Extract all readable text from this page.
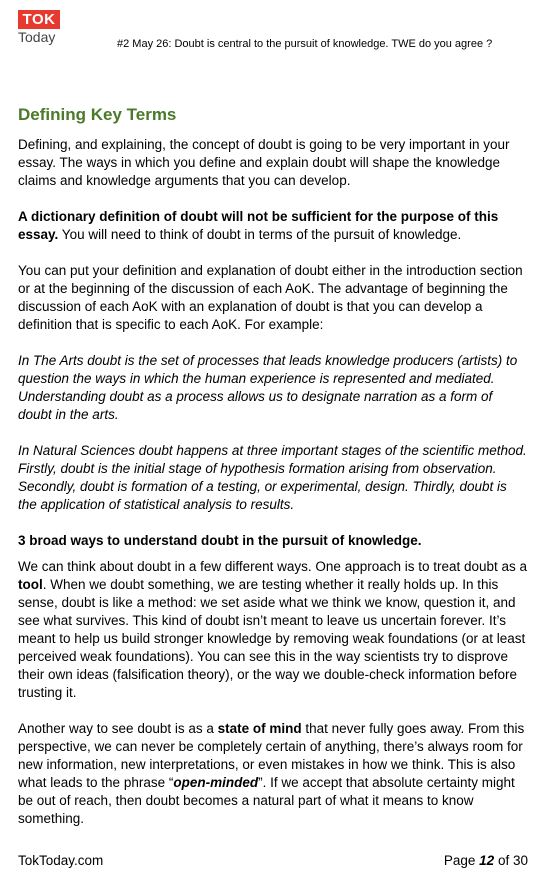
TOK
Today	#2 May 26: Doubt is central to the pursuit of knowledge. TWE do you agree ?
Defining Key Terms

Defining, and explaining, the concept of doubt is going to be very important in your essay. The ways in which you define and explain doubt will shape the knowledge claims and knowledge arguments that you can develop.

A dictionary definition of doubt will not be sufficient for the purpose of this essay. You will need to think of doubt in terms of the pursuit of knowledge.

You can put your definition and explanation of doubt either in the introduction section or at the beginning of the discussion of each AoK. The advantage of beginning the discussion of each AoK with an explanation of doubt is that you can develop a definition that is specific to each AoK. For example:

In The Arts doubt is the set of processes that leads knowledge producers (artists) to question the ways in which the human experience is represented and mediated. Understanding doubt as a process allows us to designate narration as a form of doubt in the arts.

In Natural Sciences doubt happens at three important stages of the scientific method. Firstly, doubt is the initial stage of hypothesis formation arising from observation. Secondly, doubt is formation of a testing, or experimental, design. Thirdly, doubt is the application of statistical analysis to results.

3 broad ways to understand doubt in the pursuit of knowledge.

We can think about doubt in a few different ways. One approach is to treat doubt as a tool. When we doubt something, we are testing whether it really holds up. In this sense, doubt is like a method: we set aside what we think we know, question it, and see what survives. This kind of doubt isn’t meant to leave us uncertain forever. It’s meant to help us build stronger knowledge by removing weak foundations (or at least perceived weak foundations). You can see this in the way scientists try to disprove their own ideas (falsification theory), or the way we double-check information before trusting it.

Another way to see doubt is as a state of mind that never fully goes away. From this perspective, we can never be completely certain of anything, there’s always room for new information, new interpretations, or even mistakes in how we think. This is also what leads to the phrase “open-minded”. If we accept that absolute certainty might be out of reach, then doubt becomes a natural part of what it means to know something.

TokToday.com	Page 12 of 30
